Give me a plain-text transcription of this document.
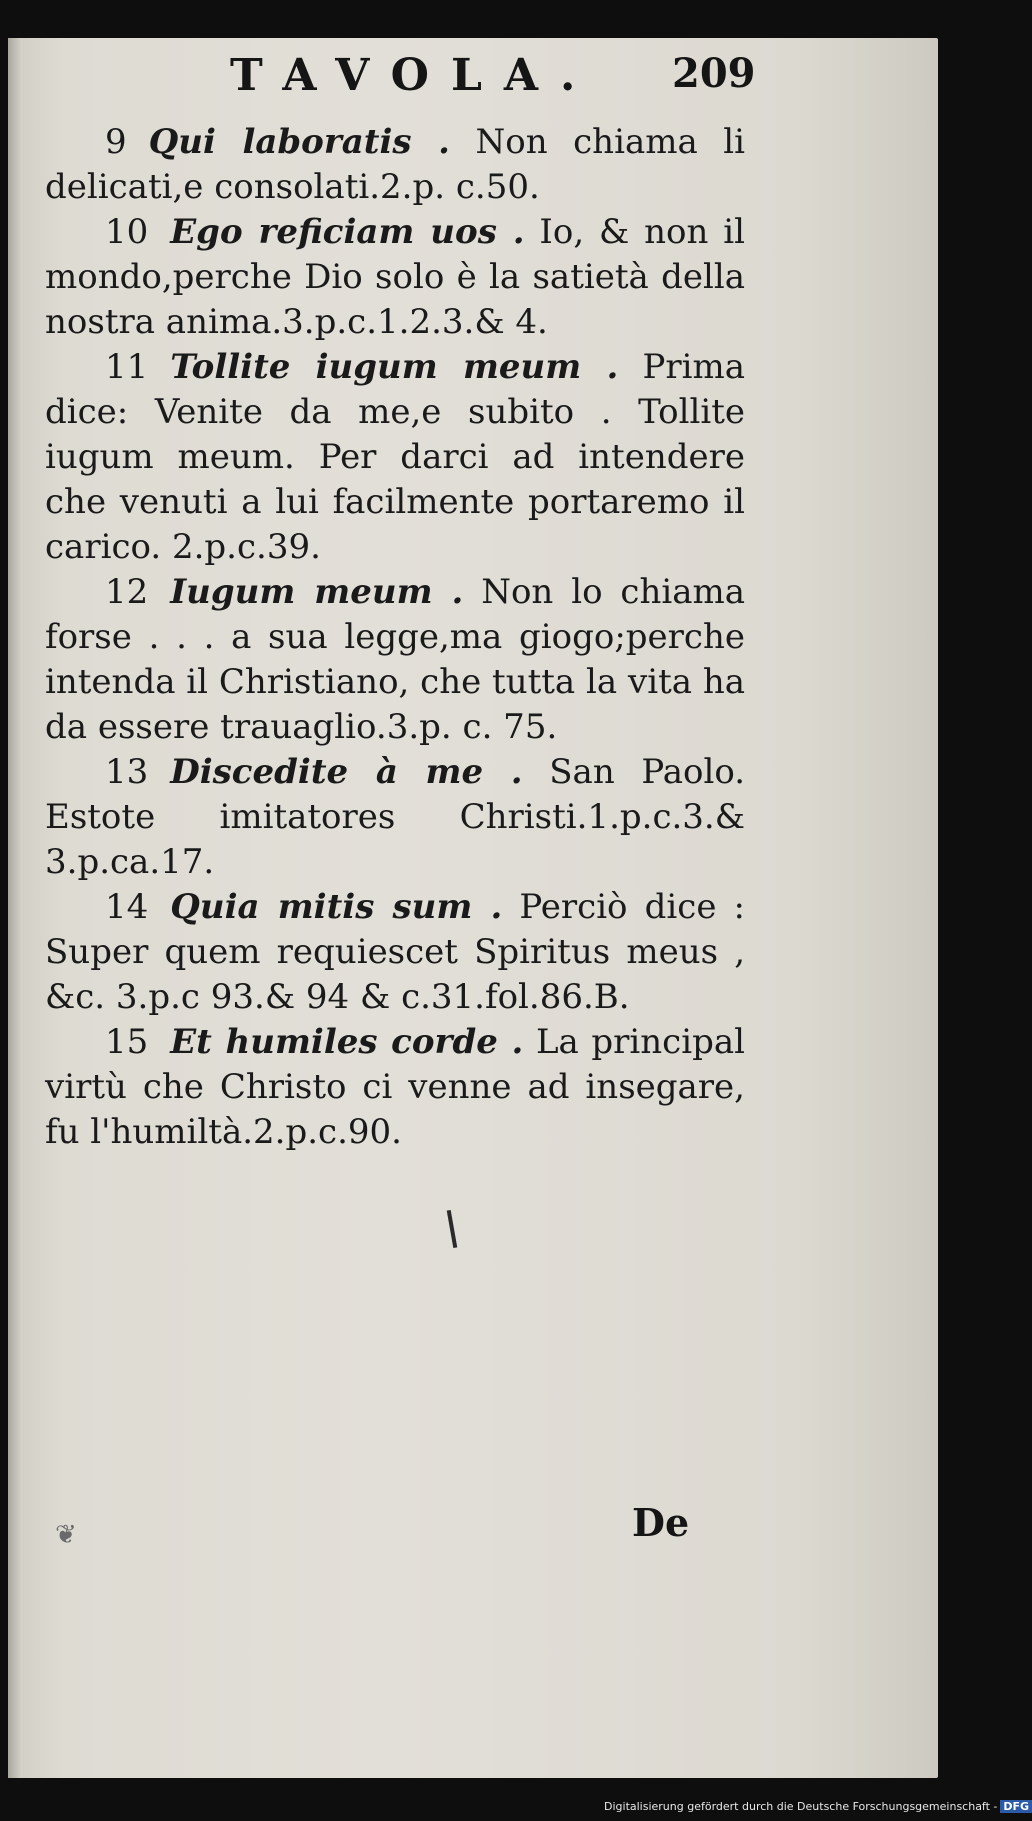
TAVOLA. 209

9 Qui laboratis . Non chiama li delicati,e consolati.2.p. c.50.

10 Ego reficiam uos . Io, & non il mondo,perche Dio solo è la satietà della nostra anima.3.p.c.1.2.3.& 4.

11 Tollite iugum meum . Prima dice: Venite da me,e subito . Tollite iugum meum. Per darci ad intendere che venuti a lui facilmente portaremo il carico. 2.p.c.39.

12 Iugum meum . Non lo chiama forse . . . a sua legge,ma giogo;perche intenda il Christiano, che tutta la vita ha da essere trauaglio.3.p. c. 75.

13 Discedite à me . San Paolo. Estote imitatores Christi.1.p.c.3.& 3.p.ca.17.

14 Quia mitis sum . Perciò dice : Super quem requiescet Spiritus meus , &c. 3.p.c 93.& 94 & c.31.fol.86.B.

15 Et humiles corde . La principal virtù che Christo ci venne ad insegare, fu l'humiltà.2.p.c.90.

❦	De
Digitalisierung gefördert durch die Deutsche Forschungsgemeinschaft - DFG
